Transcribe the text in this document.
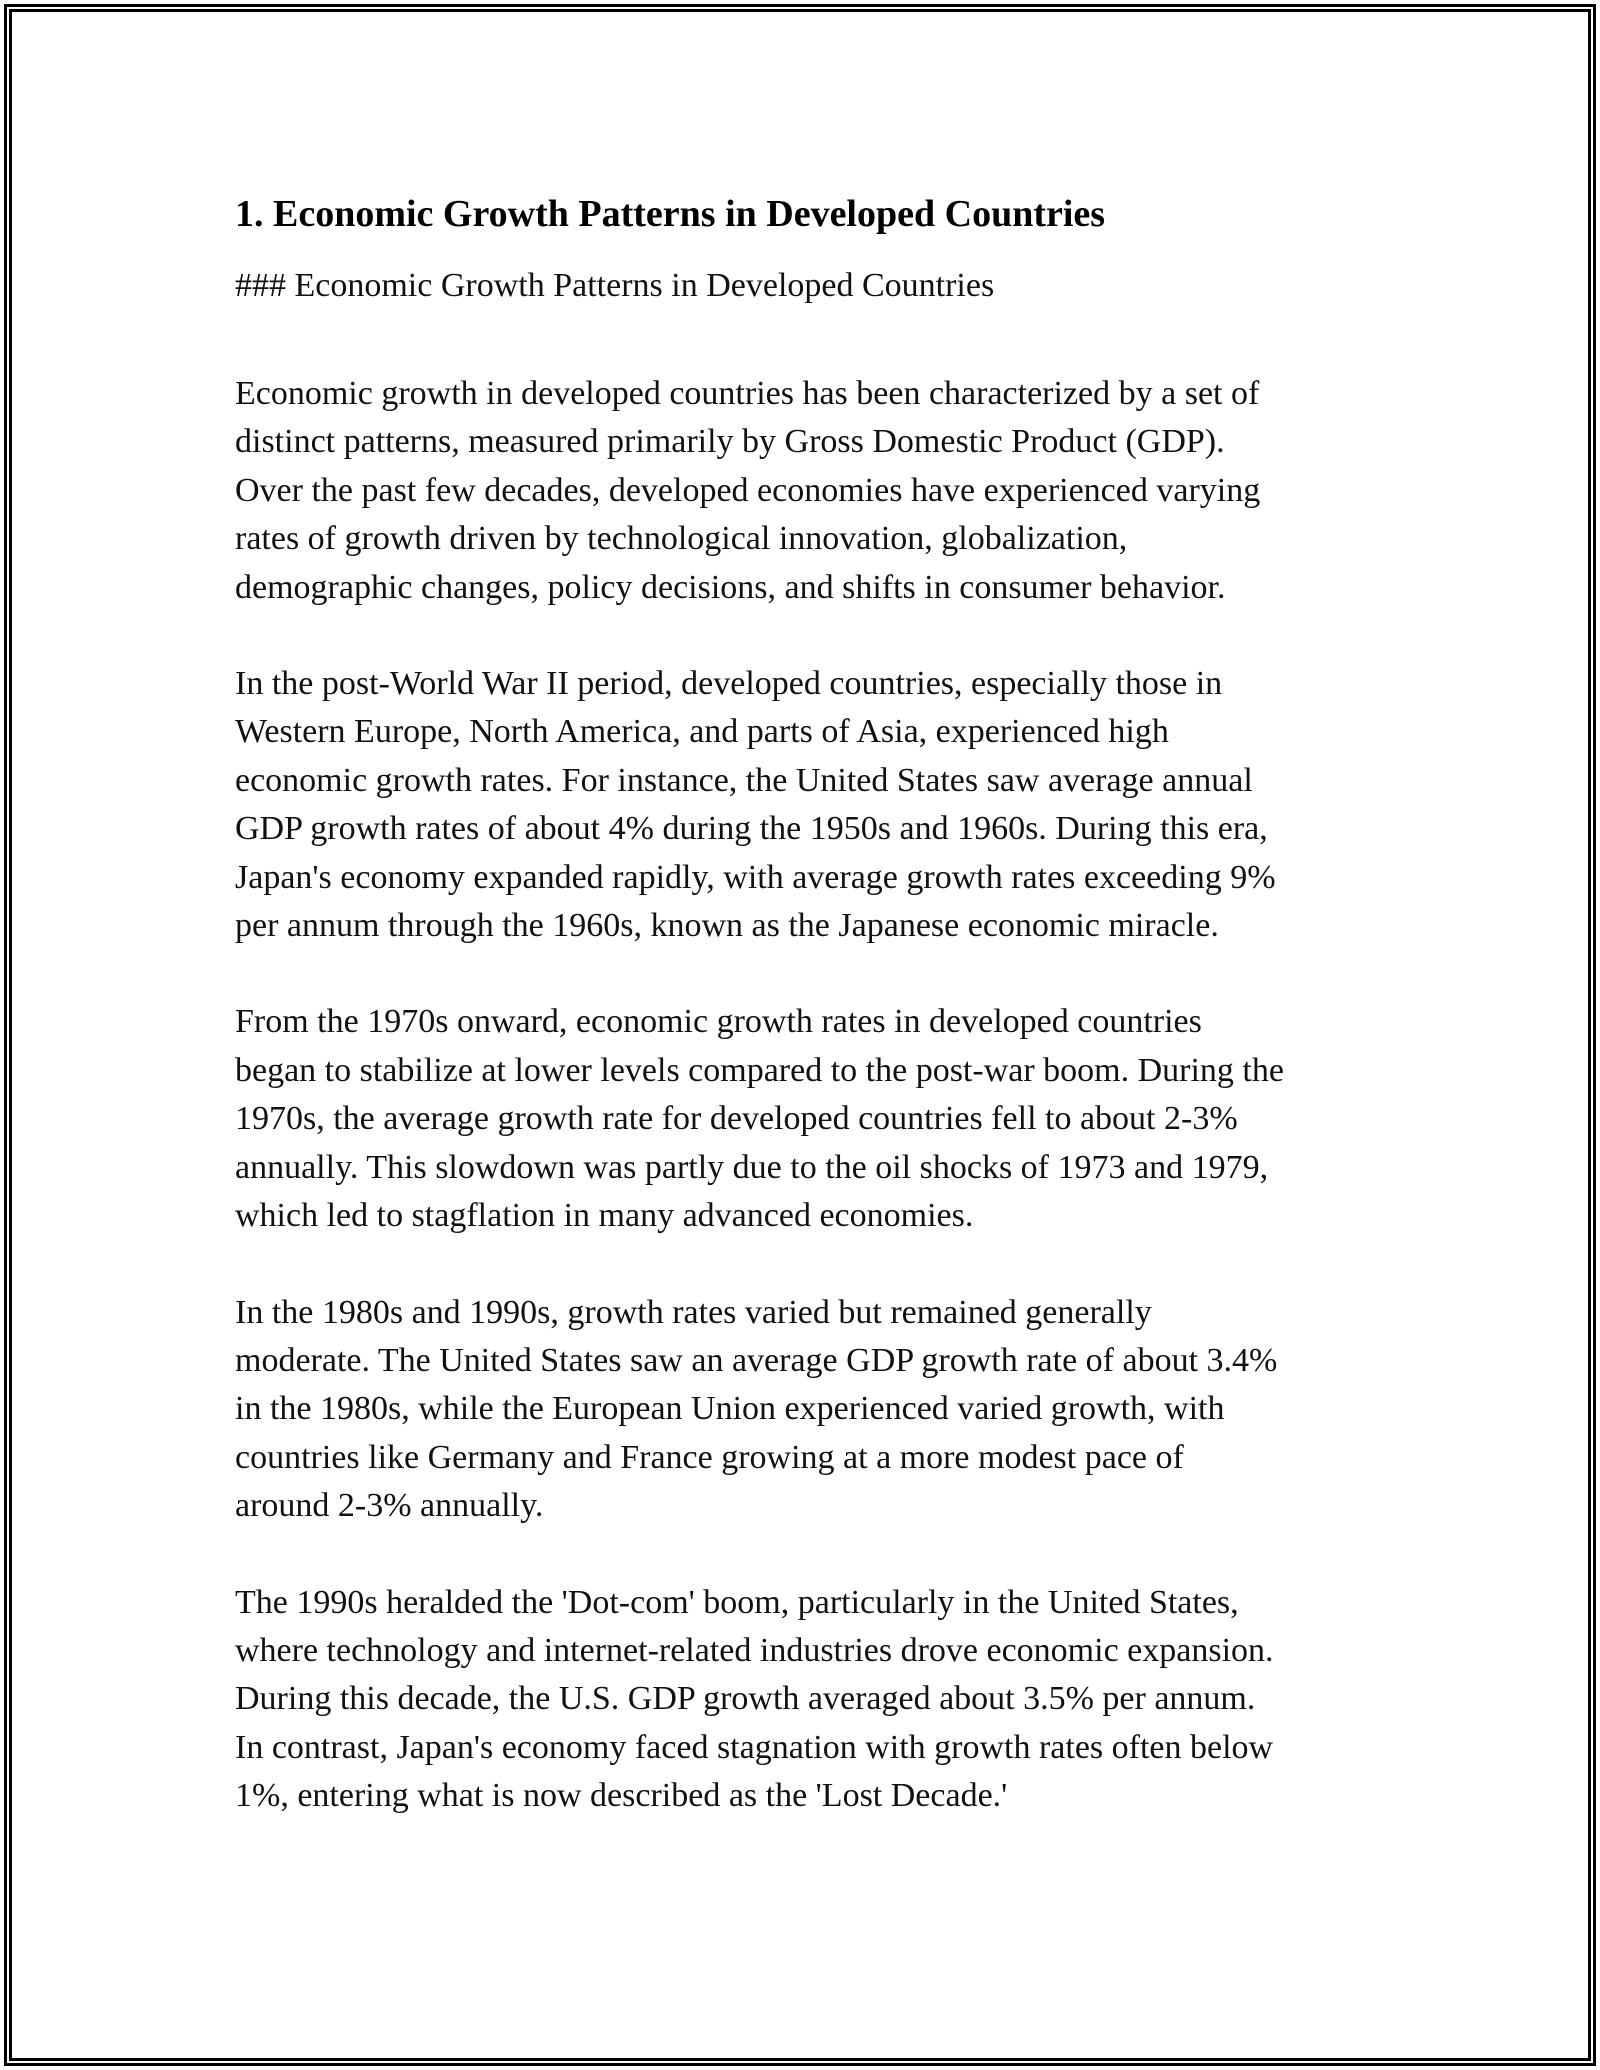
1. Economic Growth Patterns in Developed Countries

### Economic Growth Patterns in Developed Countries

Economic growth in developed countries has been characterized by a set of
distinct patterns, measured primarily by Gross Domestic Product (GDP).
Over the past few decades, developed economies have experienced varying
rates of growth driven by technological innovation, globalization,
demographic changes, policy decisions, and shifts in consumer behavior.

In the post-World War II period, developed countries, especially those in
Western Europe, North America, and parts of Asia, experienced high
economic growth rates. For instance, the United States saw average annual
GDP growth rates of about 4% during the 1950s and 1960s. During this era,
Japan's economy expanded rapidly, with average growth rates exceeding 9%
per annum through the 1960s, known as the Japanese economic miracle.

From the 1970s onward, economic growth rates in developed countries
began to stabilize at lower levels compared to the post-war boom. During the
1970s, the average growth rate for developed countries fell to about 2-3%
annually. This slowdown was partly due to the oil shocks of 1973 and 1979,
which led to stagflation in many advanced economies.

In the 1980s and 1990s, growth rates varied but remained generally
moderate. The United States saw an average GDP growth rate of about 3.4%
in the 1980s, while the European Union experienced varied growth, with
countries like Germany and France growing at a more modest pace of
around 2-3% annually.

The 1990s heralded the 'Dot-com' boom, particularly in the United States,
where technology and internet-related industries drove economic expansion.
During this decade, the U.S. GDP growth averaged about 3.5% per annum.
In contrast, Japan's economy faced stagnation with growth rates often below
1%, entering what is now described as the 'Lost Decade.'
